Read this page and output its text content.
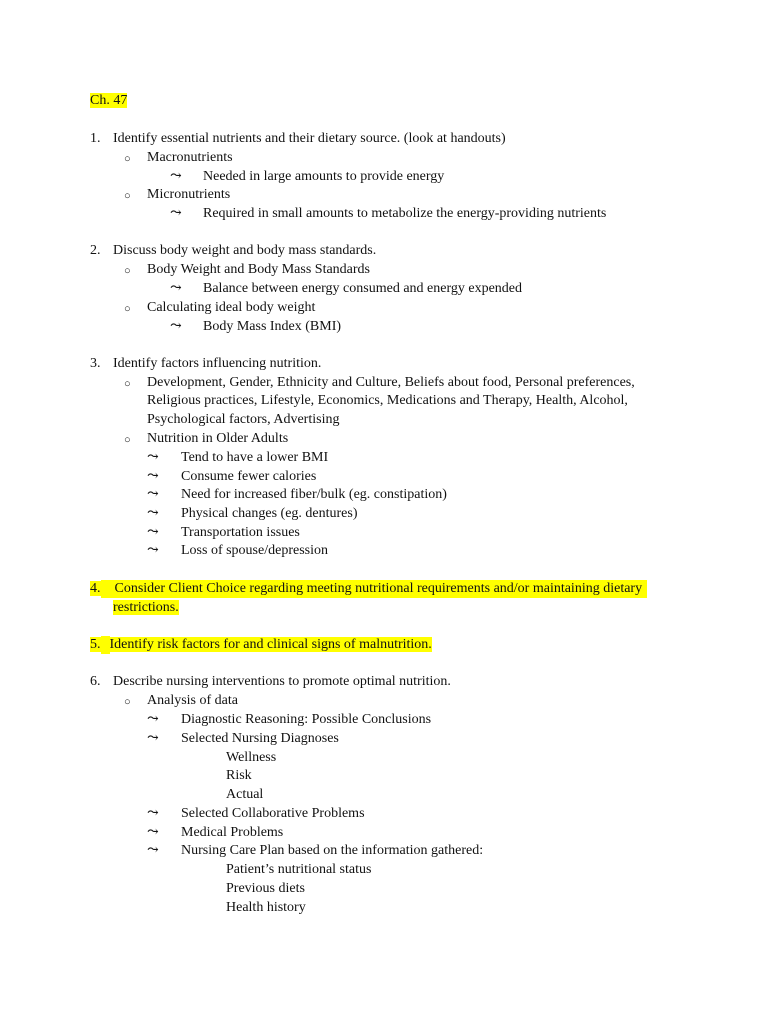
Ch. 47
1. Identify essential nutrients and their dietary source. (look at handouts)
○ Macronutrients
⤳ Needed in large amounts to provide energy
○ Micronutrients
⤳ Required in small amounts to metabolize the energy-providing nutrients
2. Discuss body weight and body mass standards.
○ Body Weight and Body Mass Standards
⤳ Balance between energy consumed and energy expended
○ Calculating ideal body weight
⤳ Body Mass Index (BMI)
3. Identify factors influencing nutrition.
○ Development, Gender, Ethnicity and Culture, Beliefs about food, Personal preferences,
Religious practices, Lifestyle, Economics, Medications and Therapy, Health, Alcohol,
Psychological factors, Advertising
○ Nutrition in Older Adults
⤳ Tend to have a lower BMI
⤳ Consume fewer calories
⤳ Need for increased fiber/bulk (eg. constipation)
⤳ Physical changes (eg. dentures)
⤳ Transportation issues
⤳ Loss of spouse/depression
4. Consider Client Choice regarding meeting nutritional requirements and/or maintaining dietary
restrictions.
5. Identify risk factors for and clinical signs of malnutrition.
6. Describe nursing interventions to promote optimal nutrition.
○ Analysis of data
⤳ Diagnostic Reasoning: Possible Conclusions
⤳ Selected Nursing Diagnoses
Wellness
Risk
Actual
⤳ Selected Collaborative Problems
⤳ Medical Problems
⤳ Nursing Care Plan based on the information gathered:
Patient’s nutritional status
Previous diets
Health history
